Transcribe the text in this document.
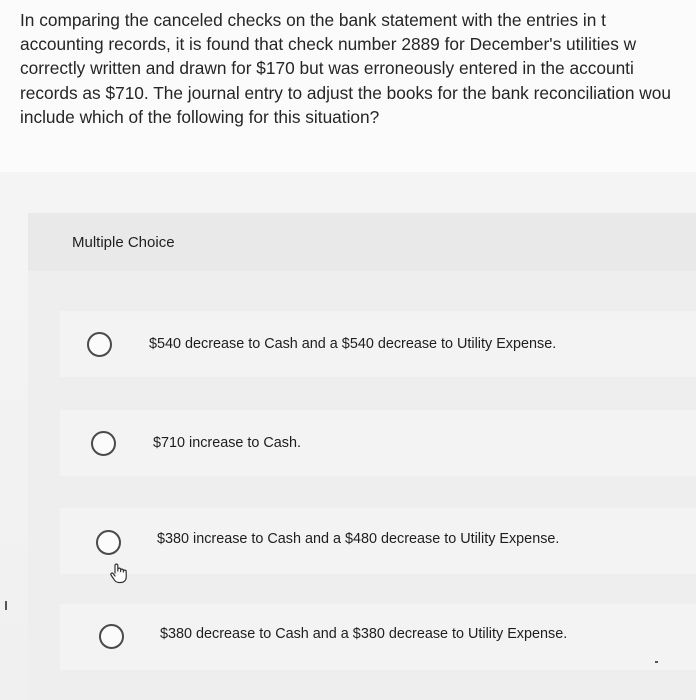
In comparing the canceled checks on the bank statement with the entries in t
accounting records, it is found that check number 2889 for December's utilities w
correctly written and drawn for $170 but was erroneously entered in the accounti
records as $710. The journal entry to adjust the books for the bank reconciliation wou
include which of the following for this situation?
Multiple Choice
$540 decrease to Cash and a $540 decrease to Utility Expense.
$710 increase to Cash.
$380 increase to Cash and a $480 decrease to Utility Expense.
$380 decrease to Cash and a $380 decrease to Utility Expense.
